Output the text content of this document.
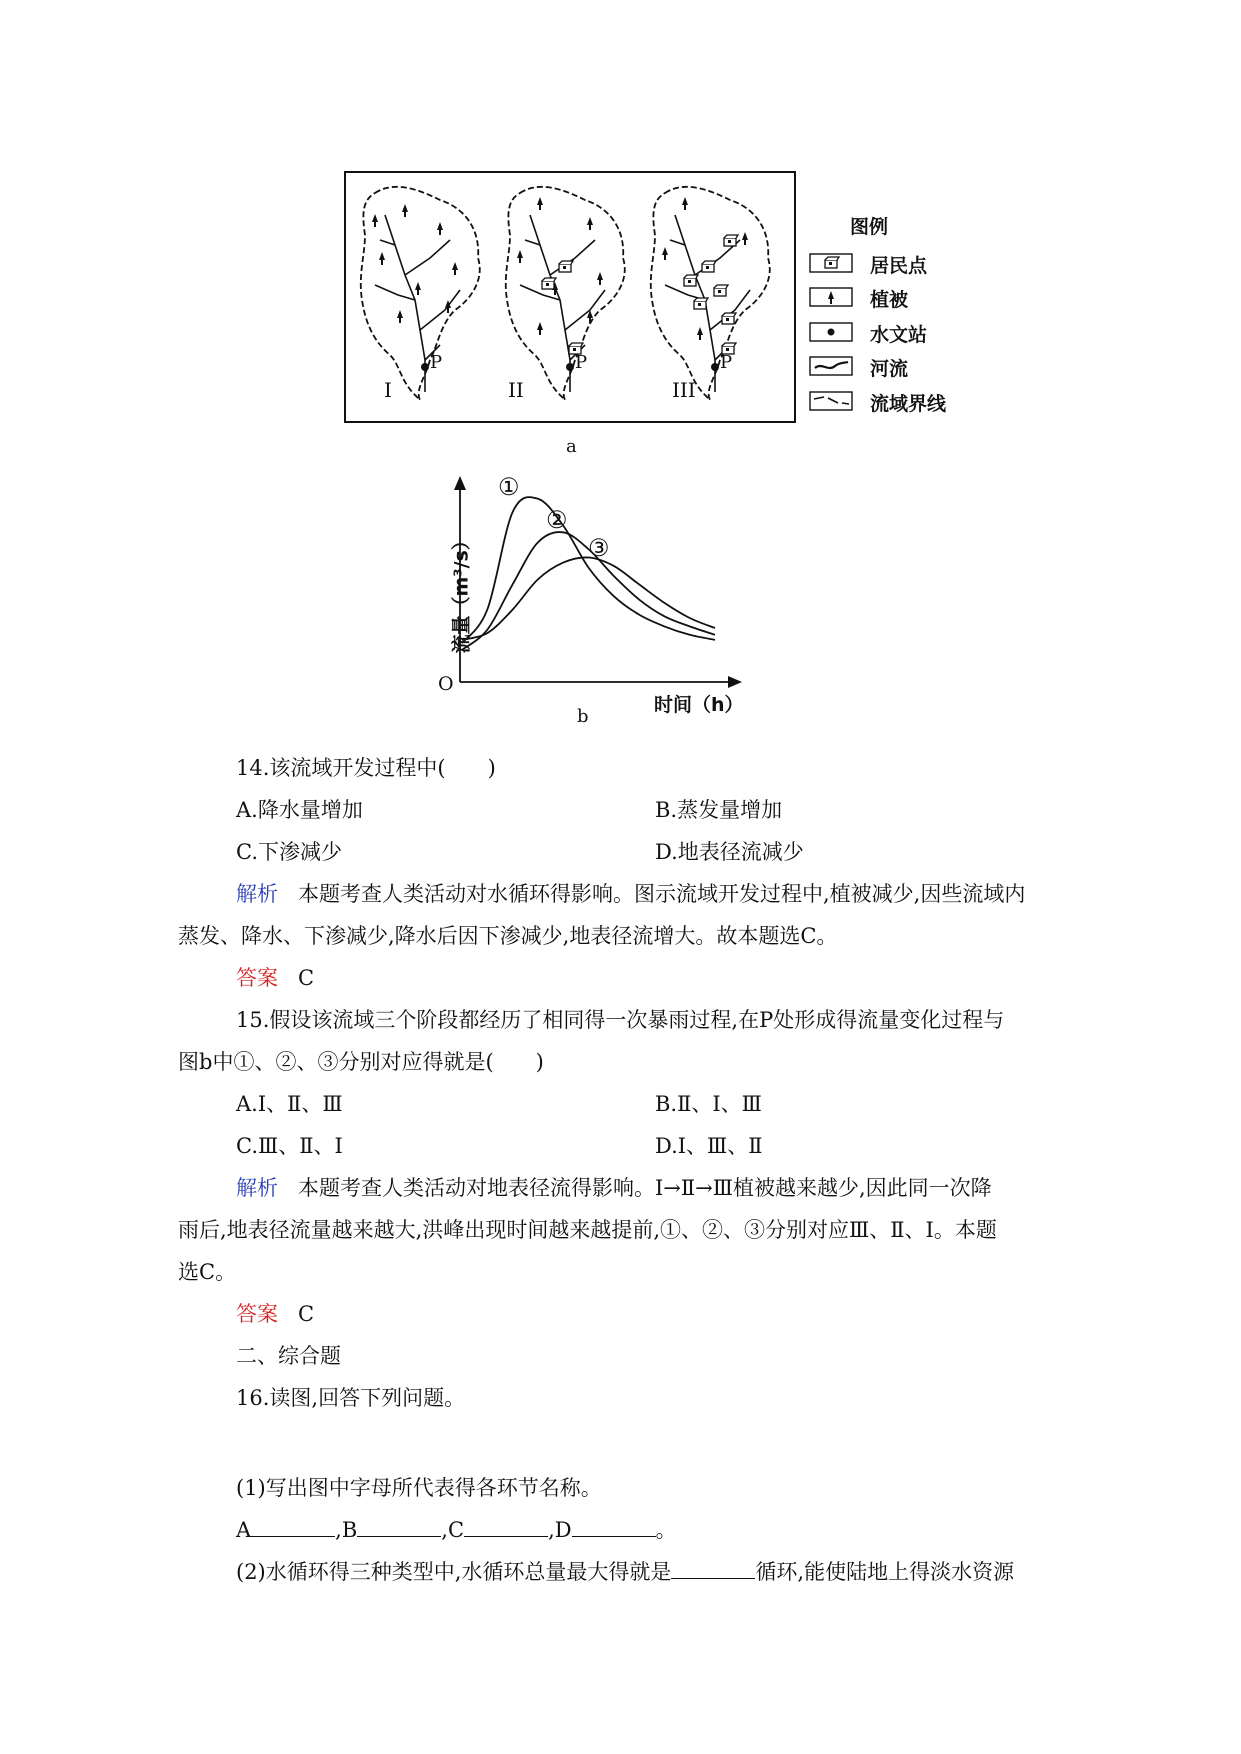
I	II	III
P	P	P
图例
居民点
植被
水文站
河流
流域界线
a
O
时间（h）
流量（m³/s）
①
②
③
b
14.该流域开发过程中(　　)
A.降水量增加	B.蒸发量增加
C.下渗减少	D.地表径流减少
解析 本题考查人类活动对水循环得影响。图示流域开发过程中,植被减少,因些流域内
蒸发、降水、下渗减少,降水后因下渗减少,地表径流增大。故本题选C。
答案 C
15.假设该流域三个阶段都经历了相同得一次暴雨过程,在P处形成得流量变化过程与
图b中①、②、③分别对应得就是(　　)
A.Ⅰ、Ⅱ、Ⅲ	B.Ⅱ、Ⅰ、Ⅲ
C.Ⅲ、Ⅱ、Ⅰ	D.Ⅰ、Ⅲ、Ⅱ
解析 本题考查人类活动对地表径流得影响。Ⅰ→Ⅱ→Ⅲ植被越来越少,因此同一次降
雨后,地表径流量越来越大,洪峰出现时间越来越提前,①、②、③分别对应Ⅲ、Ⅱ、Ⅰ。本题
选C。
答案 C
二、综合题
16.读图,回答下列问题。
(1)写出图中字母所代表得各环节名称。
A	,B	,C	,D	。
(2)水循环得三种类型中,水循环总量最大得就是	循环,能使陆地上得淡水资源
